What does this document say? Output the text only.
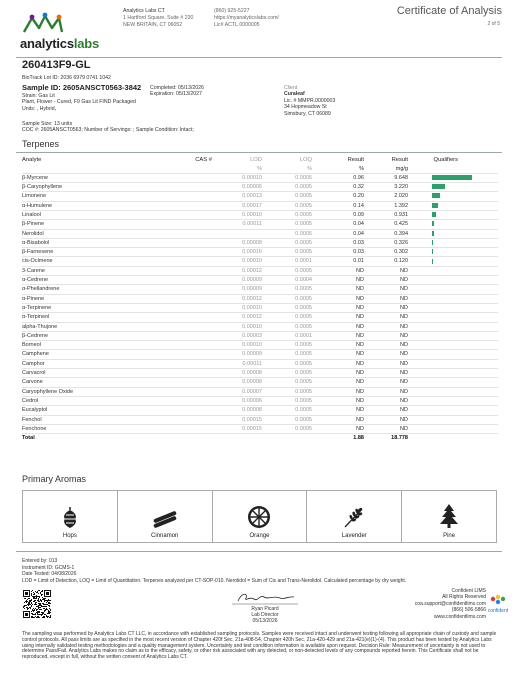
analyticslabs
Analytics Labs CT
1 Hartford Square, Suite # 230
NEW BRITAIN, CT 06052
(860) 925-5227
https://myanalyticslabs.com/
Lic# ACTL.0000005
Certificate of Analysis
2 of 5
260413F9-GL
BioTrack Lot ID: 2036 6979 0741 1042
Sample ID: 2605ANSCT0563-3842
Strain: Gas Lit
Plant, Flower - Cured, F9 Gas Lit FIND Packaged
Units: , Hybrid,
Completed: 05/13/2026
Expiration: 05/13/2027
Client
Curaleaf
Lic. # MMPR.0000003
34 Hopmeadow St
Simsbury, CT 06089
Sample Size: 13 units
COC #: 2605ANSCT0563; Number of Servings: ; Sample Condition: Intact;
Terpenes
Analyte	CAS #	LOD	LOQ	Result	Result	Qualifiers
		%	%	%	mg/g	
β-Myrcene		0.00010	0.0005	0.96	9.648	
β-Caryophyllene		0.00006	0.0005	0.32	3.220	
Limonene		0.00013	0.0005	0.20	2.020	
α-Humulene		0.00017	0.0005	0.14	1.392	
Linalool		0.00010	0.0005	0.09	0.931	
β-Pinene		0.00011	0.0005	0.04	0.425	
Nerolidol			0.0005	0.04	0.394	
α-Bisabolol		0.00008	0.0005	0.03	0.326	
β-Farnesene		0.00016	0.0005	0.03	0.302	
cis-Ocimene		0.00010	0.0001	0.01	0.120	
3-Carene		0.00012	0.0005	ND	ND	
α-Cedrene		0.00009	0.0004	ND	ND	
α-Phellandrene		0.00009	0.0005	ND	ND	
α-Pinene		0.00012	0.0005	ND	ND	
α-Terpinene		0.00010	0.0005	ND	ND	
α-Terpineol		0.00012	0.0005	ND	ND	
alpha-Thujone		0.00010	0.0005	ND	ND	
β-Cedrene		0.00003	0.0001	ND	ND	
Borneol		0.00010	0.0005	ND	ND	
Camphene		0.00009	0.0005	ND	ND	
Camphor		0.00011	0.0005	ND	ND	
Carvacrol		0.00008	0.0005	ND	ND	
Carvone		0.00008	0.0005	ND	ND	
Caryophyllene Oxide		0.00007	0.0005	ND	ND	
Cedrol		0.00006	0.0005	ND	ND	
Eucalyptol		0.00008	0.0005	ND	ND	
Fenchol		0.00015	0.0005	ND	ND	
Fenchone		0.00015	0.0005	ND	ND	
Total				1.88	18.778	
Primary Aromas
Hops	Cinnamon	Orange	Lavender	Pine
Entered by: 013
Instrument ID: GCMS-1
Date Tested: 04/08/2026
LOD = Limit of Detection, LOQ = Limit of Quantitation. Terpenes analyzed per CT-SOP-010. Nerolidol = Sum of Cis and Trans-Nerolidol. Calculated percentage by dry weight.
Ryan Picard
Lab Director
05/13/2026
Confident LIMS
All Rights Reserved
coa.support@confidentlims.com
(866) 506-5866
www.confidentlims.com
confident
The sampling was performed by Analytics Labs CT LLC, in accordance with established sampling protocols. Samples were received intact and underwent testing following all appropriate chain of custody and sample control protocols. All pass limits are as specified in the most recent version of Chapter 420f Sec. 21a-408-54, Chapter 420h Sec. 21a-420-429 and 21a-421(e)(1)-(4). This product has been tested by Analytics Labs using internally validated testing methodologies and a quality management system. Uncertainty and test condition information is available upon request. Decision Rule: Measurement of uncertainty is not used to determine Pass/Fail. Analytics Labs makes no claim as to the efficacy, safety, or other risk associated with any detected, or non-detected levels of any compounds reported herein. This Certificate shall not be reproduced, except in full, without the written consent of Analytics Labs CT.
